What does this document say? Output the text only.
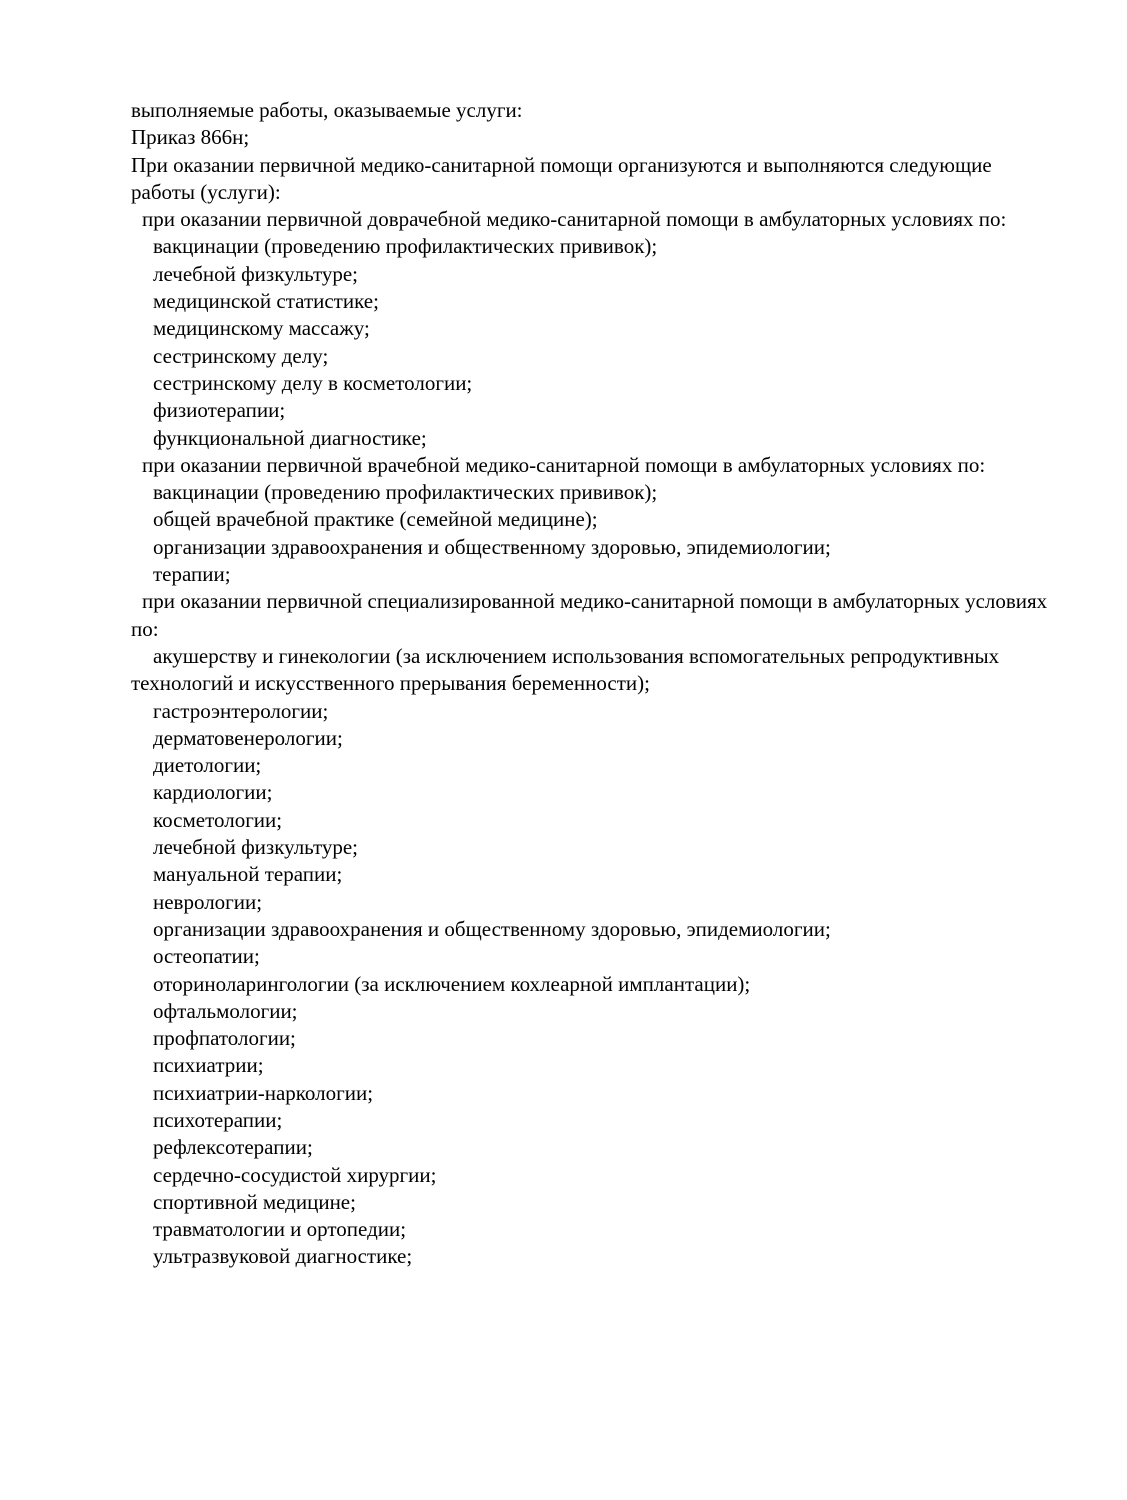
выполняемые работы, оказываемые услуги:

Приказ 866н;

При оказании первичной медико-санитарной помощи организуются и выполняются следующие работы (услуги):

при оказании первичной доврачебной медико-санитарной помощи в амбулаторных условиях по:

вакцинации (проведению профилактических прививок);

лечебной физкультуре;

медицинской статистике;

медицинскому массажу;

сестринскому делу;

сестринскому делу в косметологии;

физиотерапии;

функциональной диагностике;

при оказании первичной врачебной медико-санитарной помощи в амбулаторных условиях по:

вакцинации (проведению профилактических прививок);

общей врачебной практике (семейной медицине);

организации здравоохранения и общественному здоровью, эпидемиологии;

терапии;

при оказании первичной специализированной медико-санитарной помощи в амбулаторных условиях по:

акушерству и гинекологии (за исключением использования вспомогательных репродуктивных технологий и искусственного прерывания беременности);

гастроэнтерологии;

дерматовенерологии;

диетологии;

кардиологии;

косметологии;

лечебной физкультуре;

мануальной терапии;

неврологии;

организации здравоохранения и общественному здоровью, эпидемиологии;

остеопатии;

оториноларингологии (за исключением кохлеарной имплантации);

офтальмологии;

профпатологии;

психиатрии;

психиатрии-наркологии;

психотерапии;

рефлексотерапии;

сердечно-сосудистой хирургии;

спортивной медицине;

травматологии и ортопедии;

ультразвуковой диагностике;
